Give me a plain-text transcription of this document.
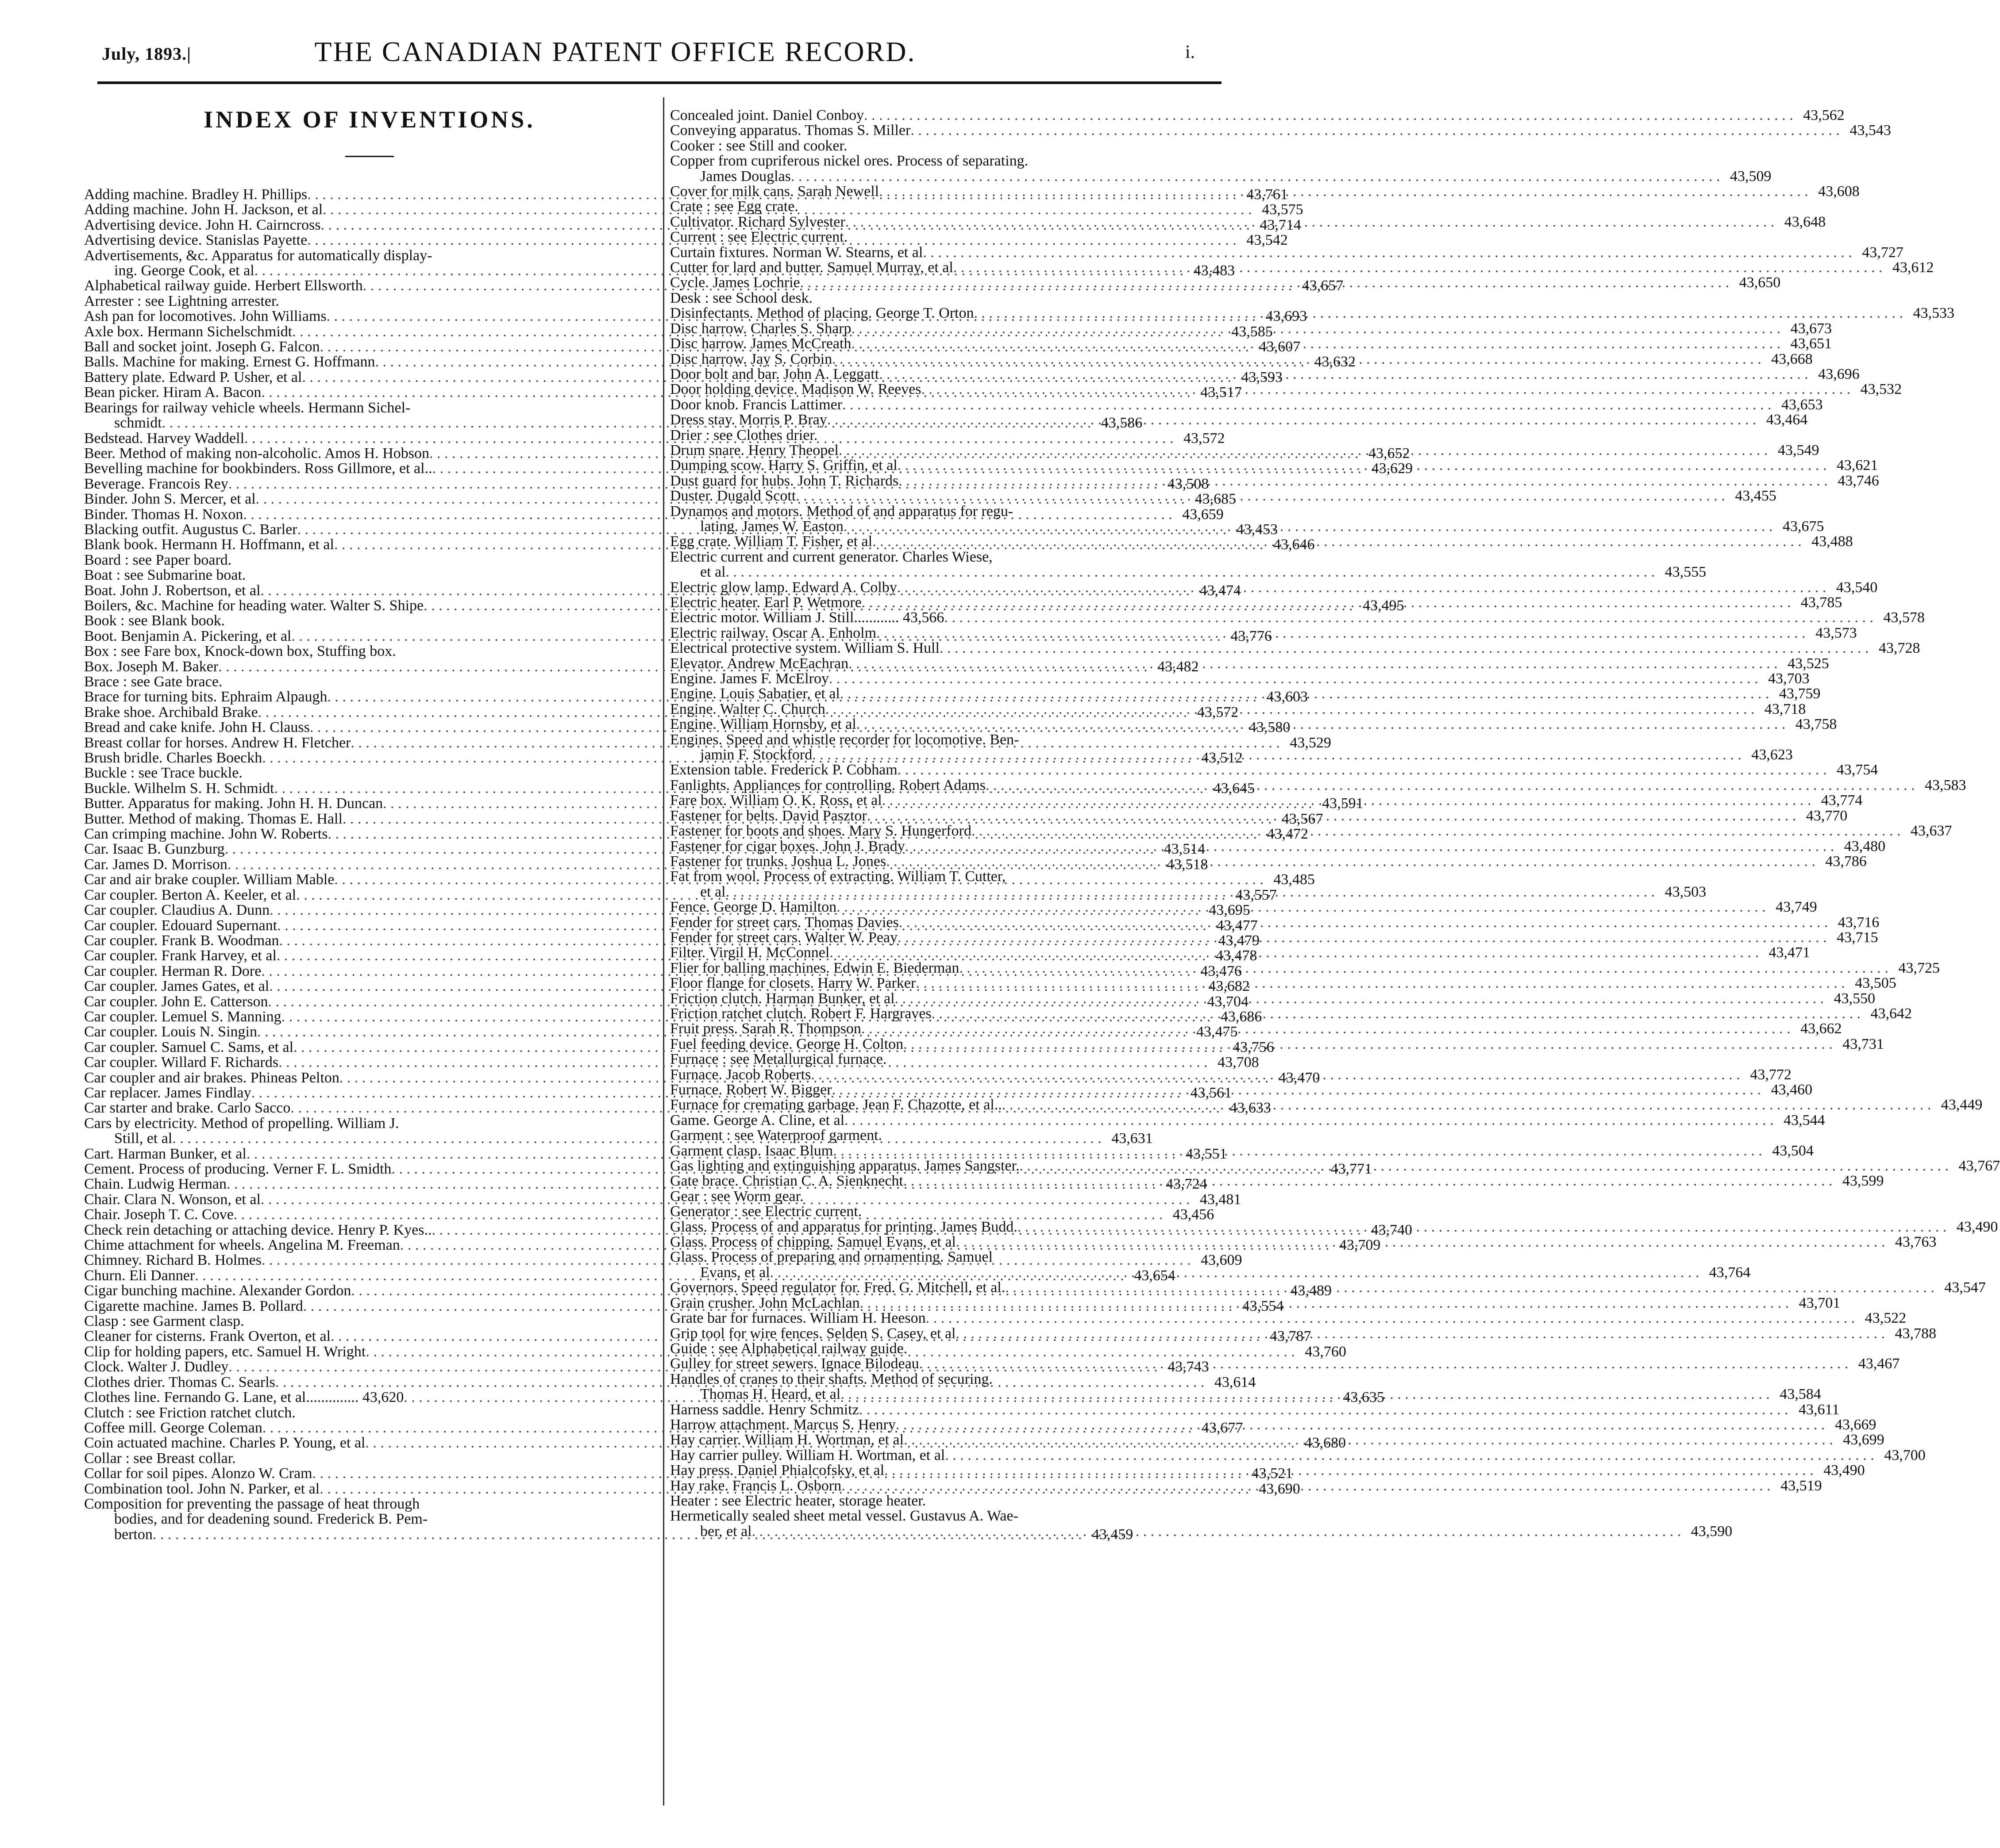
July, 1893.|	THE CANADIAN PATENT OFFICE RECORD.	i.
INDEX OF INVENTIONS.
Adding machine. Bradley H. Phillips . . .	43,761
Adding machine. John H. Jackson, et al . . .	43,575
Advertising device. John H. Cairncross . . .	43,714
Advertising device. Stanislas Payette . . .	43,542
Advertisements, &c. Apparatus for automatically display-
ing. George Cook, et al . . .	43,483
Alphabetical railway guide. Herbert Ellsworth . . .	43,657
Arrester : see Lightning arrester.
Ash pan for locomotives. John Williams . . .	43,693
Axle box. Hermann Sichelschmidt . . .	43,585
Ball and socket joint. Joseph G. Falcon . . .	43,607
Balls. Machine for making. Ernest G. Hoffmann . . .	43,632
Battery plate. Edward P. Usher, et al . . .	43,593
Bean picker. Hiram A. Bacon . . .	43,517
Bearings for railway vehicle wheels. Hermann Sichel-
schmidt . . .	43,586
Bedstead. Harvey Waddell . . .	43,572
Beer. Method of making non-alcoholic. Amos H. Hobson . . .	43,652
Bevelling machine for bookbinders. Ross Gillmore, et al.. . . .	43,629
Beverage. Francois Rey . . .	43,508
Binder. John S. Mercer, et al . . .	43,685
Binder. Thomas H. Noxon . . .	43,659
Blacking outfit. Augustus C. Barler . . .	43,453
Blank book. Hermann H. Hoffmann, et al . . .	43,646
Board : see Paper board.
Boat : see Submarine boat.
Boat. John J. Robertson, et al . . .	43,474
Boilers, &c. Machine for heading water. Walter S. Shipe . . .	43,495
Book : see Blank book.
Boot. Benjamin A. Pickering, et al . . .	43,776
Box : see Fare box, Knock-down box, Stuffing box.
Box. Joseph M. Baker . . .	43,482
Brace : see Gate brace.
Brace for turning bits. Ephraim Alpaugh . . .	43,603
Brake shoe. Archibald Brake . . .	43,572
Bread and cake knife. John H. Clauss . . .	43,580
Breast collar for horses. Andrew H. Fletcher . . .	43,529
Brush bridle. Charles Boeckh . . .	43,512
Buckle : see Trace buckle.
Buckle. Wilhelm S. H. Schmidt . . .	43,645
Butter. Apparatus for making. John H. H. Duncan . . .	43,591
Butter. Method of making. Thomas E. Hall . . .	43,567
Can crimping machine. John W. Roberts . . .	43,472
Car. Isaac B. Gunzburg . . .	43,514
Car. James D. Morrison . . .	43,518
Car and air brake coupler. William Mable . . .	43,485
Car coupler. Berton A. Keeler, et al . . .	43,557
Car coupler. Claudius A. Dunn . . .	43,695
Car coupler. Edouard Supernant . . .	43,477
Car coupler. Frank B. Woodman . . .	43,479
Car coupler. Frank Harvey, et al . . .	43,478
Car coupler. Herman R. Dore . . .	43,476
Car coupler. James Gates, et al . . .	43,682
Car coupler. John E. Catterson . . .	43,704
Car coupler. Lemuel S. Manning . . .	43,686
Car coupler. Louis N. Singin . . .	43,475
Car coupler. Samuel C. Sams, et al . . .	43,756
Car coupler. Willard F. Richards . . .	43,708
Car coupler and air brakes. Phineas Pelton . . .	43,470
Car replacer. James Findlay . . .	43,561
Car starter and brake. Carlo Sacco . . .	43,633
Cars by electricity. Method of propelling. William J.
Still, et al . . .	43,631
Cart. Harman Bunker, et al . . .	43,551
Cement. Process of producing. Verner F. L. Smidth . . .	43,771
Chain. Ludwig Herman . . .	43,724
Chair. Clara N. Wonson, et al . . .	43,481
Chair. Joseph T. C. Cove . . .	43,456
Check rein detaching or attaching device. Henry P. Kyes.. . . .	43,740
Chime attachment for wheels. Angelina M. Freeman . . .	43,709
Chimney. Richard B. Holmes . . .	43,609
Churn. Eli Danner . . .	43,654
Cigar bunching machine. Alexander Gordon . . .	43,489
Cigarette machine. James B. Pollard . . .	43,554
Clasp : see Garment clasp.
Cleaner for cisterns. Frank Overton, et al . . .	43,787
Clip for holding papers, etc. Samuel H. Wright . . .	43,760
Clock. Walter J. Dudley . . .	43,743
Clothes drier. Thomas C. Searls . . .	43,614
Clothes line. Fernando G. Lane, et al.............. 43,620 . . .	43,635
Clutch : see Friction ratchet clutch.
Coffee mill. George Coleman . . .	43,677
Coin actuated machine. Charles P. Young, et al . . .	43,680
Collar : see Breast collar.
Collar for soil pipes. Alonzo W. Cram . . .	43,521
Combination tool. John N. Parker, et al . . .	43,690
Composition for preventing the passage of heat through
bodies, and for deadening sound. Frederick B. Pem-
berton . . .	43,459
Concealed joint. Daniel Conboy . . .	43,562
Conveying apparatus. Thomas S. Miller . . .	43,543
Cooker : see Still and cooker.
Copper from cupriferous nickel ores. Process of separating.
James Douglas . . .	43,509
Cover for milk cans. Sarah Newell . . .	43,608
Crate : see Egg crate.
Cultivator. Richard Sylvester . . .	43,648
Current : see Electric current.
Curtain fixtures. Norman W. Stearns, et al . . .	43,727
Cutter for lard and butter. Samuel Murray, et al . . .	43,612
Cycle. James Lochrie . . .	43,650
Desk : see School desk.
Disinfectants. Method of placing. George T. Orton . . .	43,533
Disc harrow. Charles S. Sharp . . .	43,673
Disc harrow. James McCreath . . .	43,651
Disc harrow. Jay S. Corbin . . .	43,668
Door bolt and bar. John A. Leggatt . . .	43,696
Door holding device. Madison W. Reeves . . .	43,532
Door knob. Francis Lattimer . . .	43,653
Dress stay. Morris P. Bray . . .	43,464
Drier : see Clothes drier.
Drum snare. Henry Theopel . . .	43,549
Dumping scow. Harry S. Griffin, et al . . .	43,621
Dust guard for hubs. John T. Richards . . .	43,746
Duster. Dugald Scott . . .	43,455
Dynamos and motors. Method of and apparatus for regu-
lating. James W. Easton . . .	43,675
Egg crate. William T. Fisher, et al . . .	43,488
Electric current and current generator. Charles Wiese,
et al . . .	43,555
Electric glow lamp. Edward A. Colby . . .	43,540
Electric heater. Earl P. Wetmore . . .	43,785
Electric motor. William J. Still............ 43,566 . . .	43,578
Electric railway. Oscar A. Enholm . . .	43,573
Electrical protective system. William S. Hull . . .	43,728
Elevator. Andrew McEachran . . .	43,525
Engine. James F. McElroy . . .	43,703
Engine. Louis Sabatier, et al . . .	43,759
Engine. Walter C. Church . . .	43,718
Engine. William Hornsby, et al . . .	43,758
Engines. Speed and whistle recorder for locomotive. Ben-
jamin F. Stockford . . .	43,623
Extension table. Frederick P. Cobham . . .	43,754
Fanlights. Appliances for controlling. Robert Adams . . .	43,583
Fare box. William O. K. Ross, et al . . .	43,774
Fastener for belts. David Pasztor . . .	43,770
Fastener for boots and shoes. Mary S. Hungerford . . .	43,637
Fastener for cigar boxes. John J. Brady . . .	43,480
Fastener for trunks. Joshua L. Jones . . .	43,786
Fat from wool. Process of extracting. William T. Cutter,
et al . . .	43,503
Fence. George D. Hamilton . . .	43,749
Fender for street cars. Thomas Davies . . .	43,716
Fender for street cars. Walter W. Peay . . .	43,715
Filter. Virgil H. McConnel . . .	43,471
Flier for balling machines. Edwin E. Biederman . . .	43,725
Floor flange for closets. Harry W. Parker . . .	43,505
Friction clutch. Harman Bunker, et al . . .	43,550
Friction ratchet clutch. Robert F. Hargraves . . .	43,642
Fruit press. Sarah R. Thompson . . .	43,662
Fuel feeding device. George H. Colton . . .	43,731
Furnace : see Metallurgical furnace.
Furnace. Jacob Roberts . . .	43,772
Furnace. Robert W. Bigger . . .	43,460
Furnace for cremating garbage. Jean F. Chazotte, et al.. . . .	43,449
Game. George A. Cline, et al . . .	43,544
Garment : see Waterproof garment.
Garment clasp. Isaac Blum . . .	43,504
Gas lighting and extinguishing apparatus. James Sangster. . . .	43,767
Gate brace. Christian C. A. Sienknecht . . .	43,599
Gear : see Worm gear.
Generator : see Electric current.
Glass. Process of and apparatus for printing. James Budd. . . .	43,490
Glass. Process of chipping. Samuel Evans, et al . . .	43,763
Glass. Process of preparing and ornamenting. Samuel
Evans, et al . . .	43,764
Governors. Speed regulator for. Fred. G. Mitchell, et al. . . .	43,547
Grain crusher. John McLachlan . . .	43,701
Grate bar for furnaces. William H. Heeson . . .	43,522
Grip tool for wire fences. Selden S. Casey, et al . . .	43,788
Guide : see Alphabetical railway guide.
Gulley for street sewers. Ignace Bilodeau . . .	43,467
Handles of cranes to their shafts. Method of securing.
Thomas H. Heard, et al . . .	43,584
Harness saddle. Henry Schmitz . . .	43,611
Harrow attachment. Marcus S. Henry . . .	43,669
Hay carrier. William H. Wortman, et al . . .	43,699
Hay carrier pulley. William H. Wortman, et al . . .	43,700
Hay press. Daniel Phialcofsky, et al . . .	43,490
Hay rake. Francis L. Osborn . . .	43,519
Heater : see Electric heater, storage heater.
Hermetically sealed sheet metal vessel. Gustavus A. Wae-
ber, et al . . .	43,590
